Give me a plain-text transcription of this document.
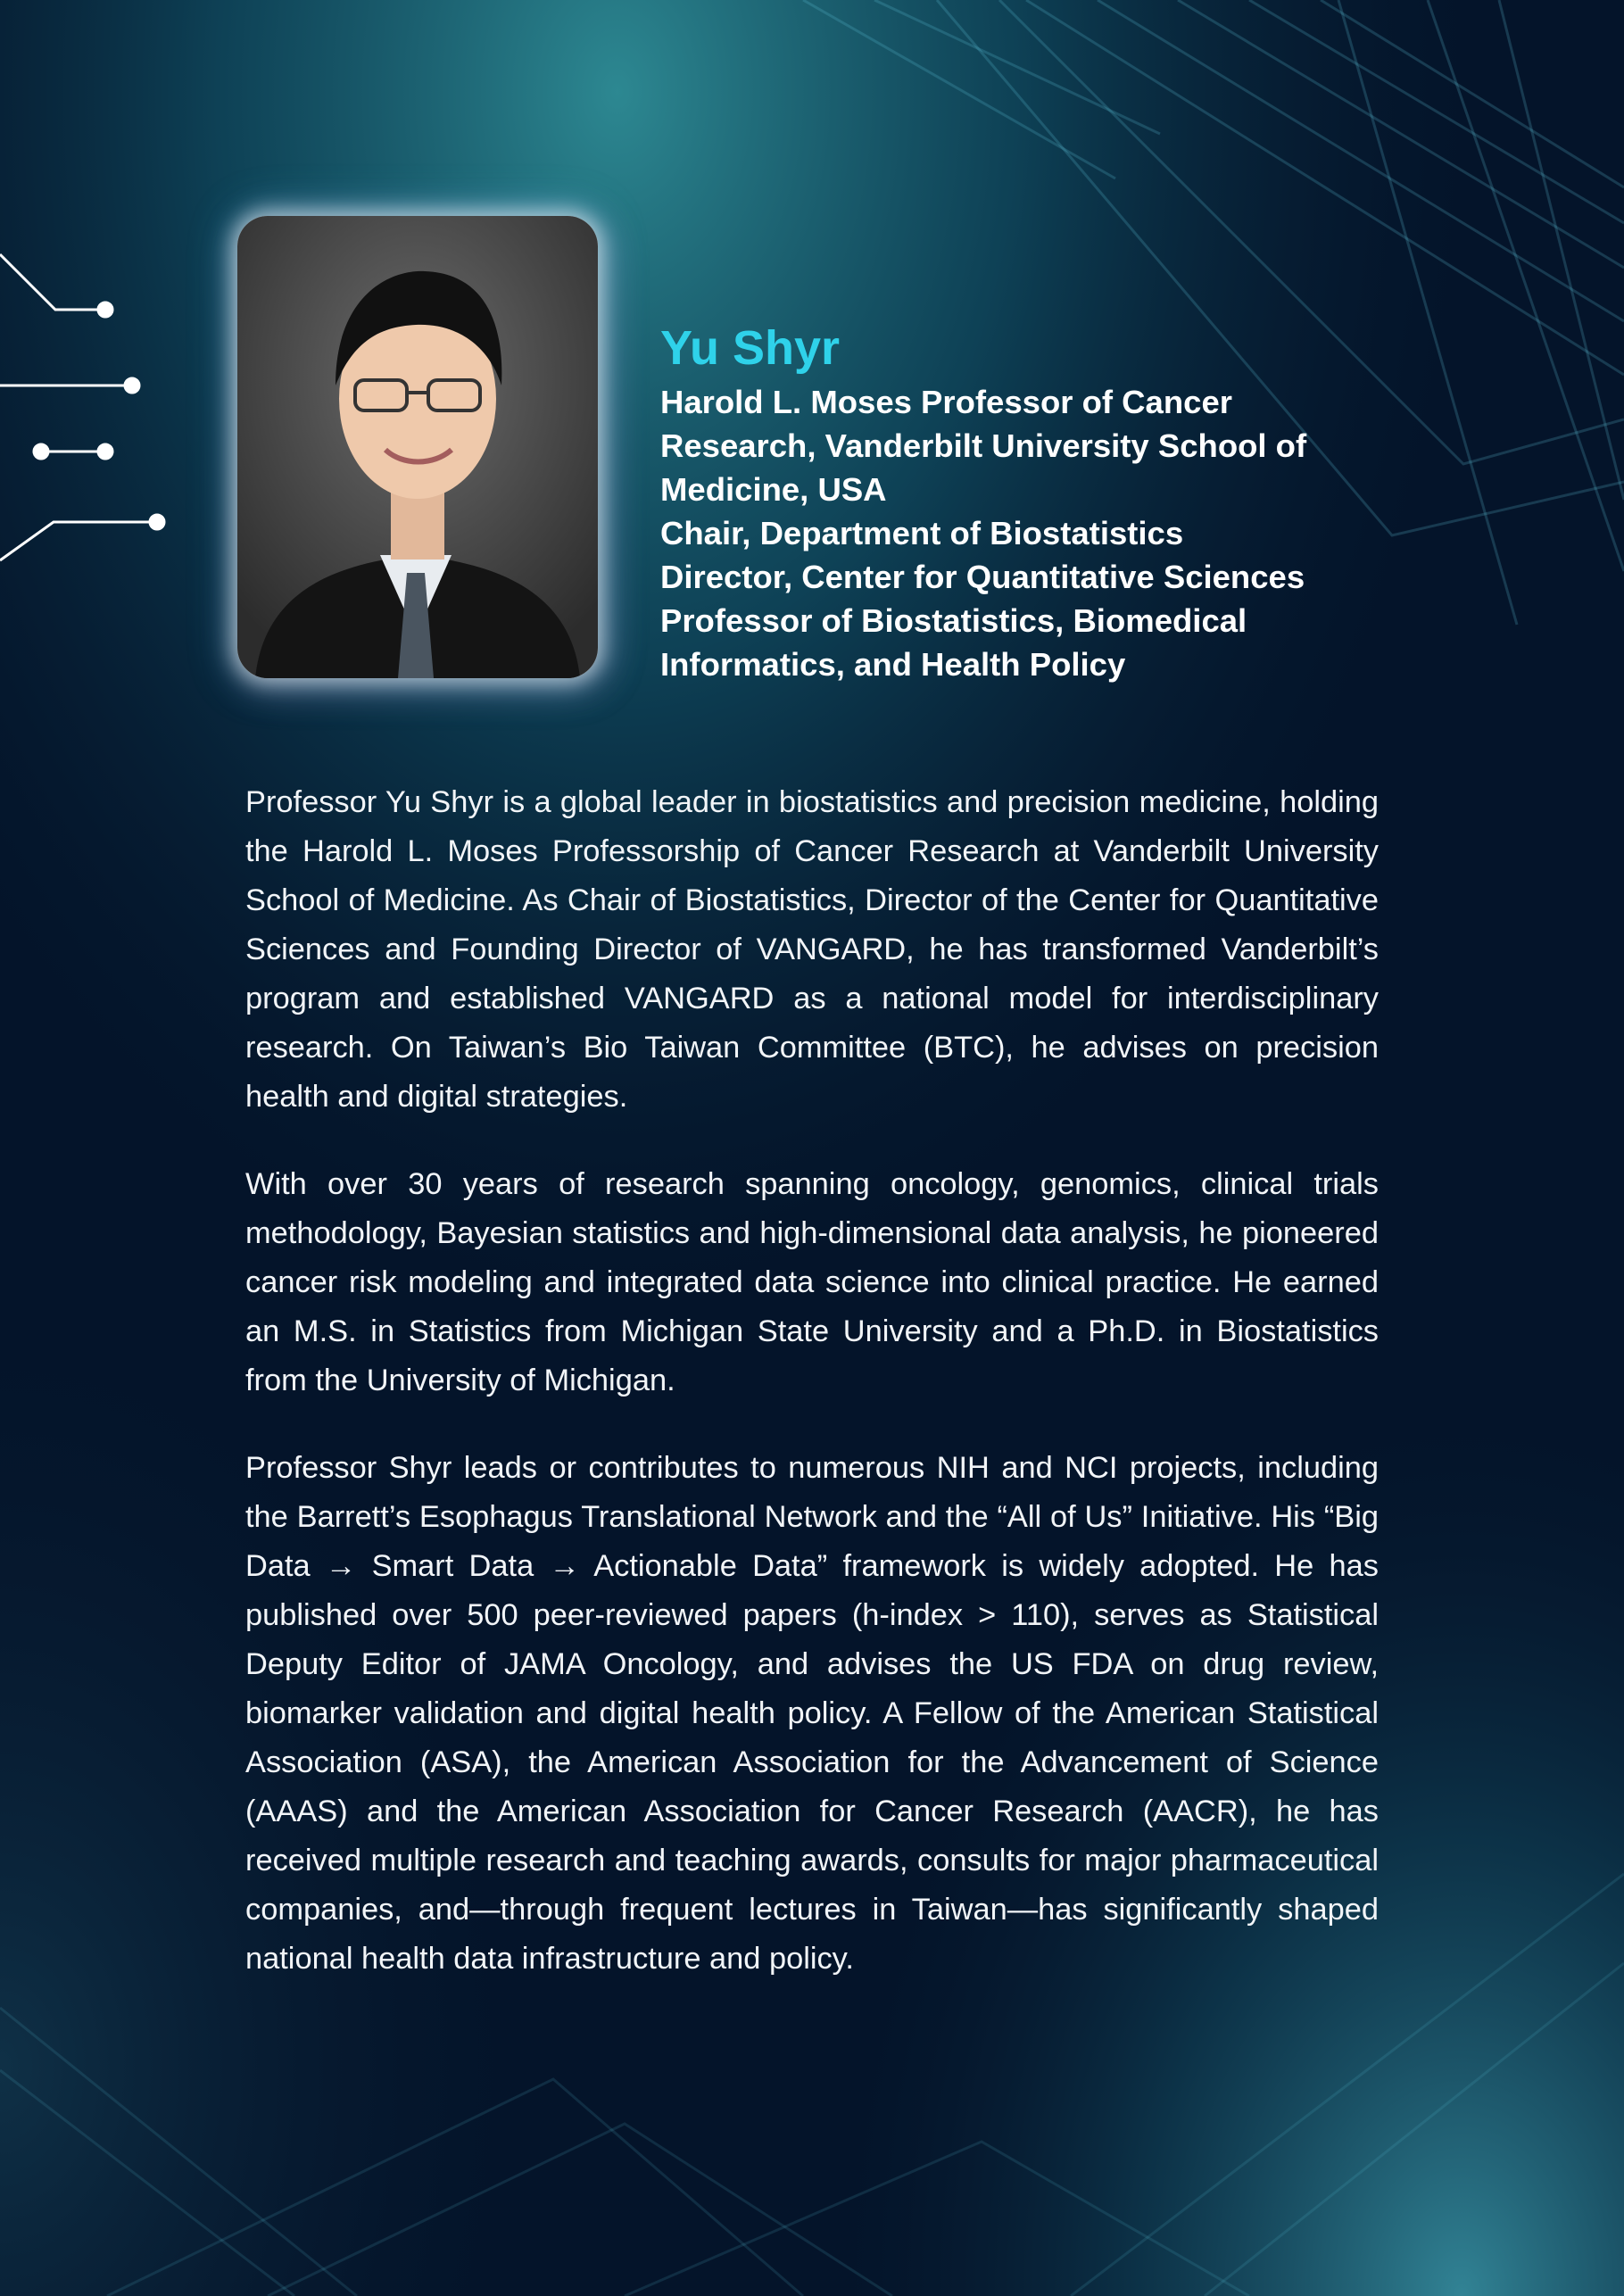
Yu Shyr
Harold L. Moses Professor of Cancer
Research, Vanderbilt University School of
Medicine, USA
Chair, Department of Biostatistics
Director, Center for Quantitative Sciences
Professor of Biostatistics, Biomedical
Informatics, and Health Policy

Professor Yu Shyr is a global leader in biostatistics and precision medicine, holding the Harold L. Moses Professorship of Cancer Research at Vanderbilt University School of Medicine. As Chair of Biostatistics, Director of the Center for Quantitative Sciences and Founding Director of VANGARD, he has transformed Vanderbilt’s program and established VANGARD as a national model for interdisciplinary research. On Taiwan’s Bio Taiwan Committee (BTC), he advises on precision health and digital strategies.

With over 30 years of research spanning oncology, genomics, clinical trials methodology, Bayesian statistics and high-dimensional data analysis, he pioneered cancer risk modeling and integrated data science into clinical practice. He earned an M.S. in Statistics from Michigan State University and a Ph.D. in Biostatistics from the University of Michigan.

Professor Shyr leads or contributes to numerous NIH and NCI projects, including the Barrett’s Esophagus Translational Network and the “All of Us” Initiative. His “Big Data → Smart Data → Actionable Data” framework is widely adopted. He has published over 500 peer-reviewed papers (h-index > 110), serves as Statistical Deputy Editor of JAMA Oncology, and advises the US FDA on drug review, biomarker validation and digital health policy. A Fellow of the American Statistical Association (ASA), the American Association for the Advancement of Science (AAAS) and the American Association for Cancer Research (AACR), he has received multiple research and teaching awards, consults for major pharmaceutical companies, and—through frequent lectures in Taiwan—has significantly shaped national health data infrastructure and policy.
